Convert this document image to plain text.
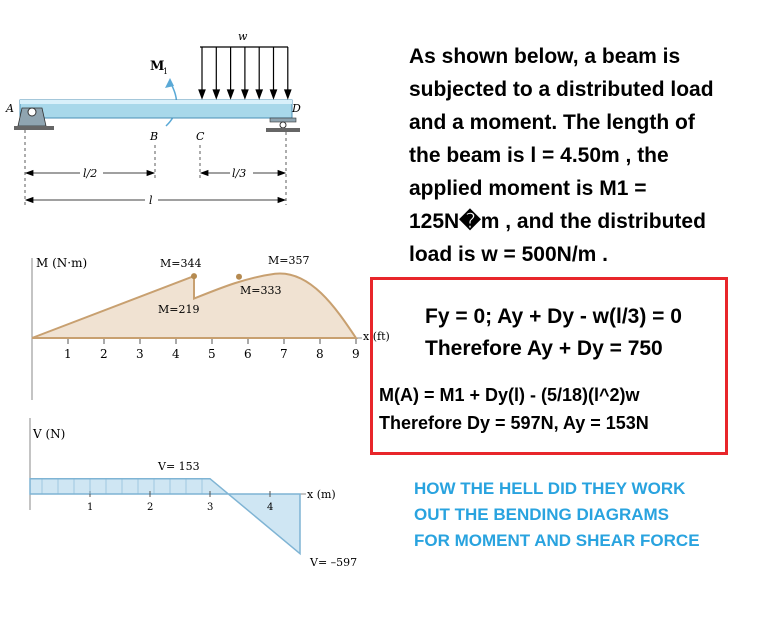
w
M
1
A	D
B	C
l/2	l/3
l
M (N·m)
x (ft)
1 2 3 4 5 6 7 8 9
M=344
M=219
M=357
M=333
V (N)
x (m)
1	2	3	4
V= 153
V= –597
As shown below, a beam is
subjected to a distributed load
and a moment. The length of
the beam is l = 4.50m , the
applied moment is M1 =
125N�m , and the distributed
load is w = 500N/m .
Fy = 0; Ay + Dy - w(l/3) = 0
Therefore Ay + Dy = 750
M(A) = M1 + Dy(l) - (5/18)(l^2)w
Therefore Dy = 597N, Ay = 153N
HOW THE HELL DID THEY WORK
OUT THE BENDING DIAGRAMS
FOR MOMENT AND SHEAR FORCE
